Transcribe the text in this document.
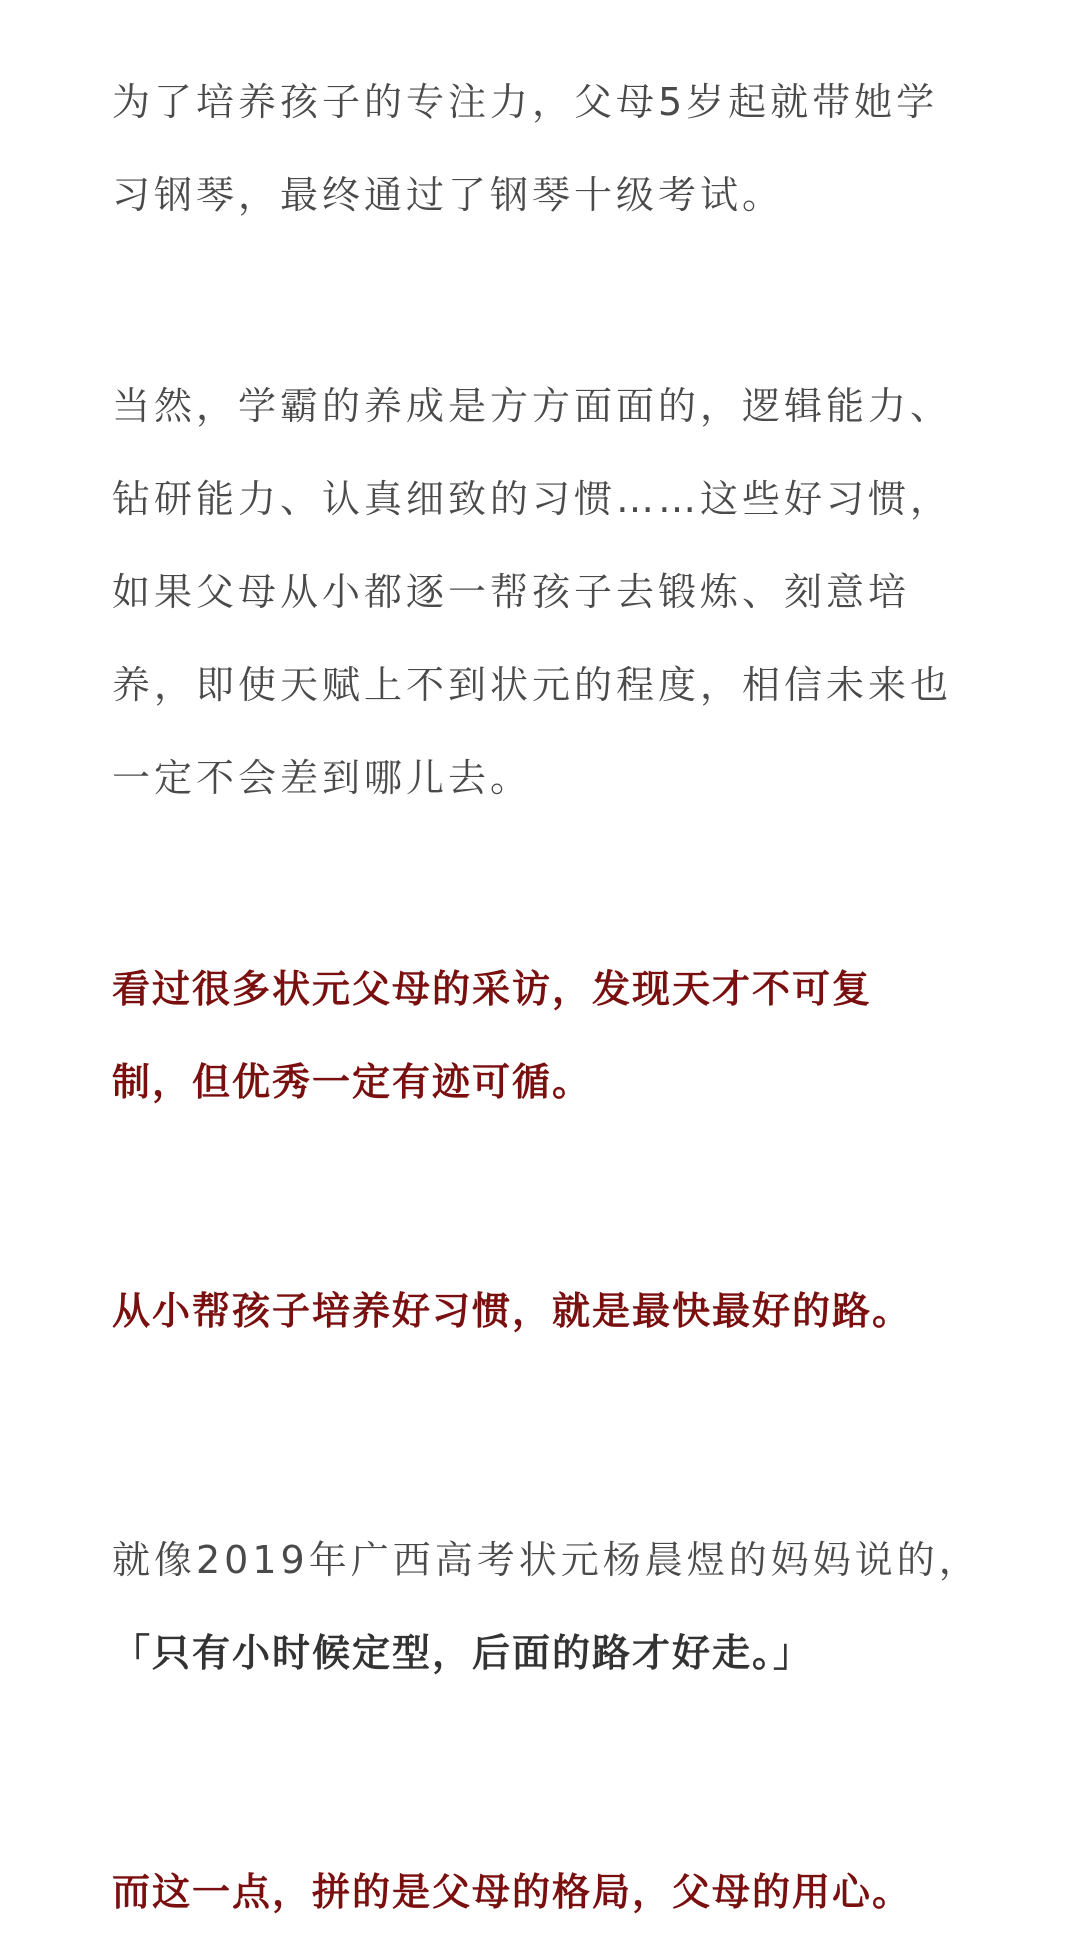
为了培养孩子的专注力，父母5岁起就带她学
习钢琴，最终通过了钢琴十级考试。

当然，学霸的养成是方方面面的，逻辑能力、
钻研能力、认真细致的习惯……这些好习惯，
如果父母从小都逐一帮孩子去锻炼、刻意培
养，即使天赋上不到状元的程度，相信未来也
一定不会差到哪儿去。

看过很多状元父母的采访，发现天才不可复
制，但优秀一定有迹可循。

从小帮孩子培养好习惯，就是最快最好的路。

就像2019年广西高考状元杨晨煜的妈妈说的，

「只有小时候定型，后面的路才好走。」

而这一点，拼的是父母的格局，父母的用心。
